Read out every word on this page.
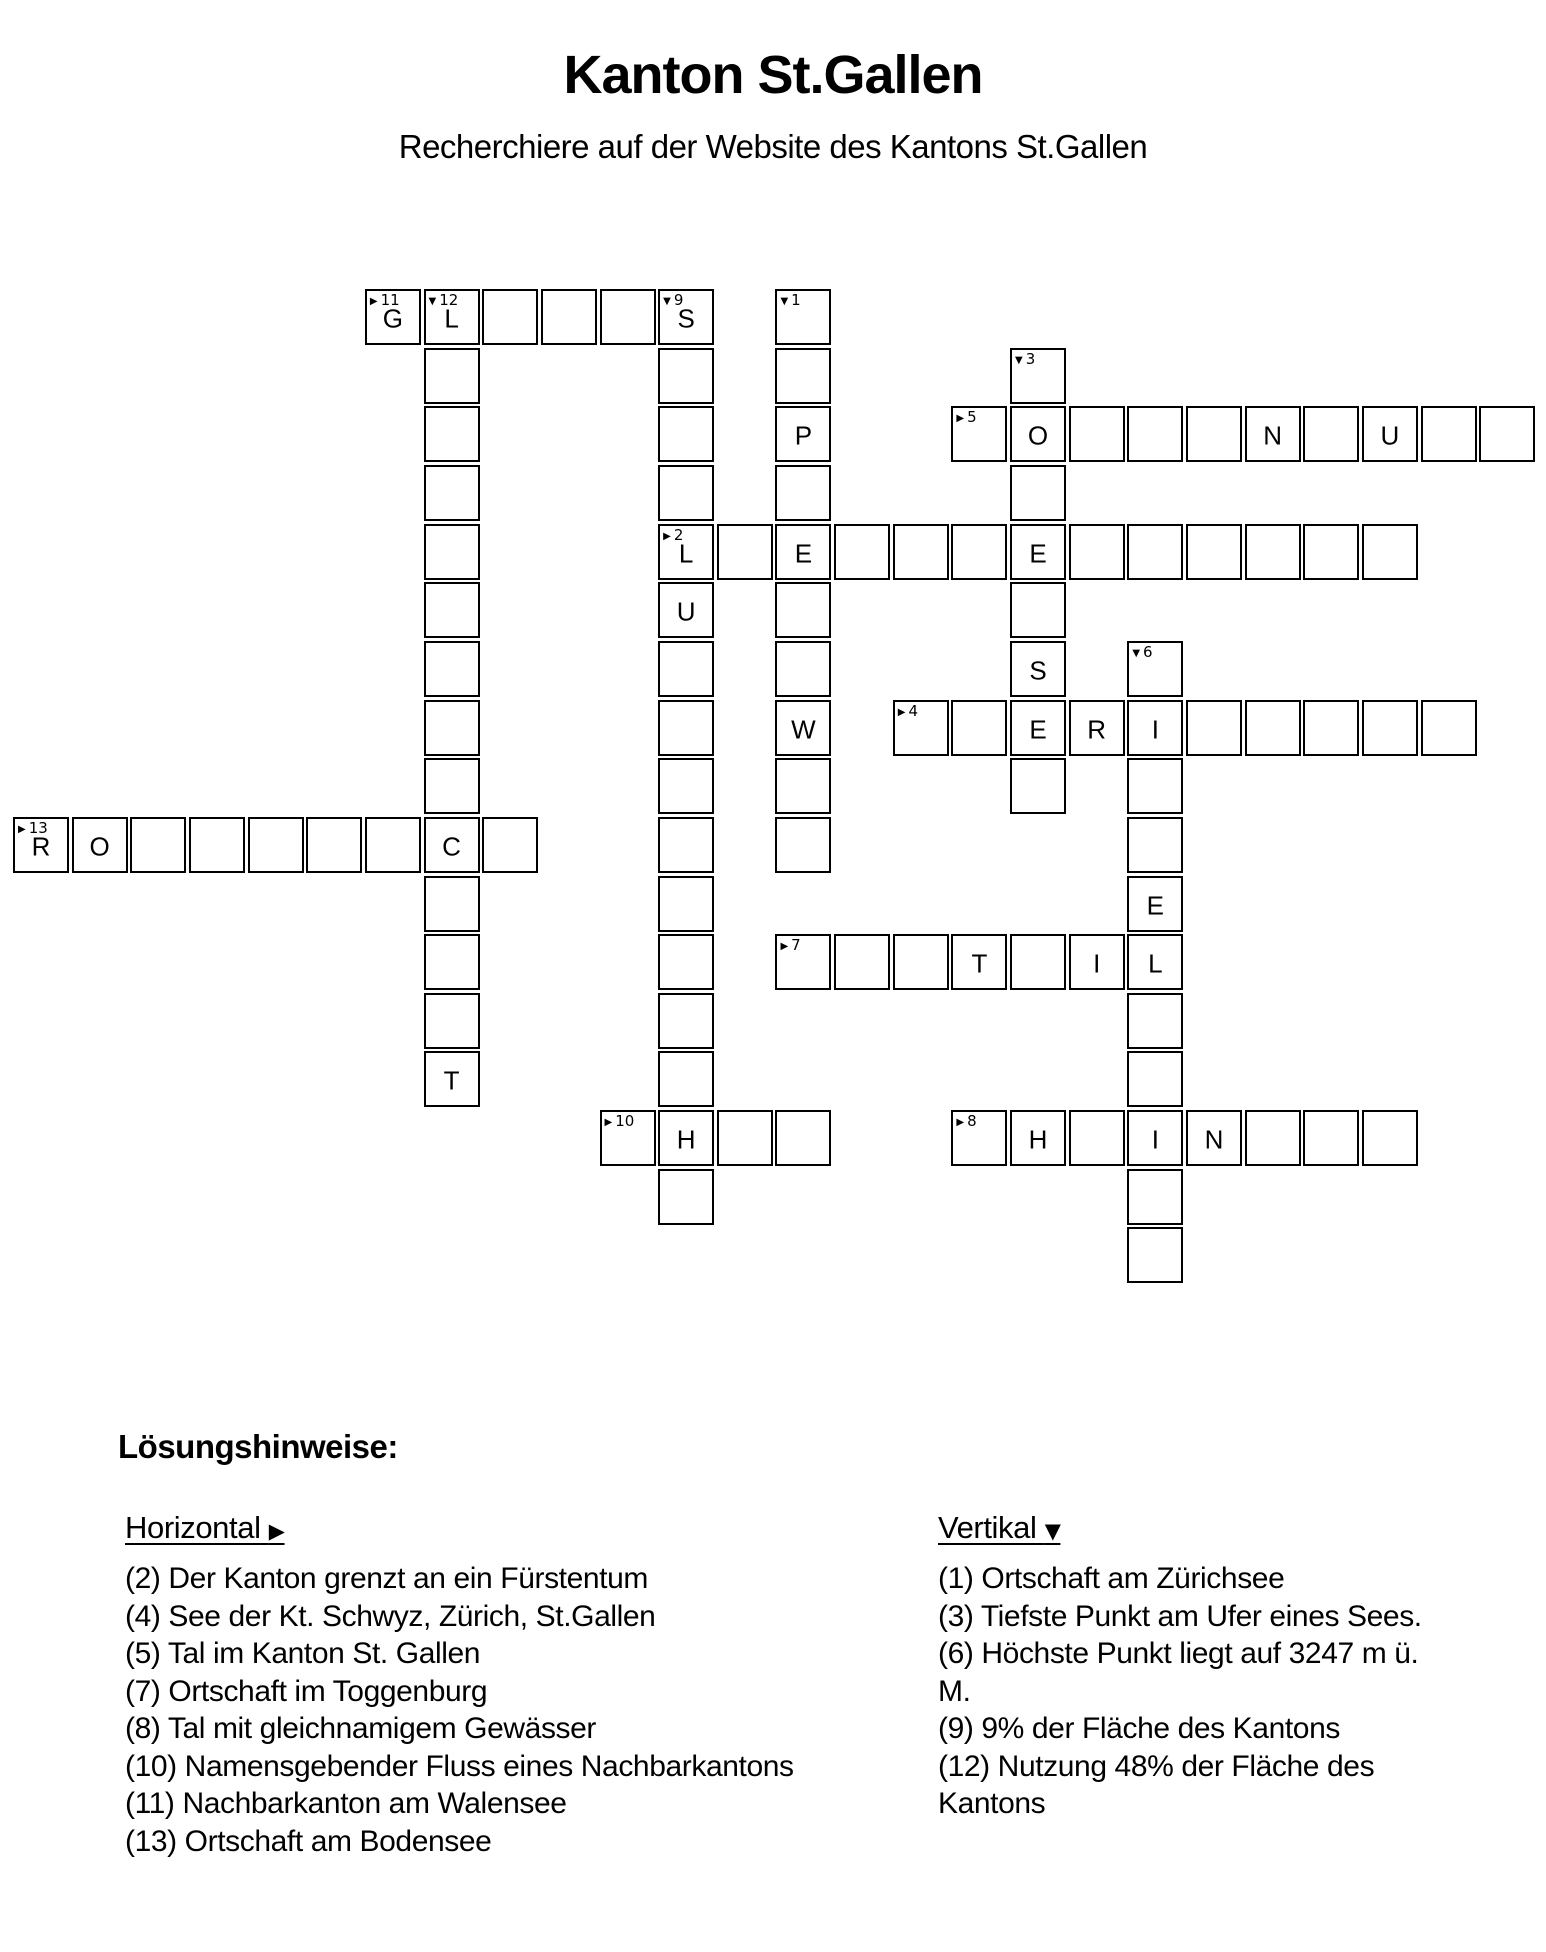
Kanton St.Gallen
Recherchiere auf der Website des Kantons St.Gallen
▶ 11
G
▼ 12
L
▼ 9
S
▼ 1
▼ 3
P
▶ 5
O	N	U
▶ 2
L	E	E
U
S
▼ 6
W
▶ 4
E	R	I
▶ 13
R	O	C
E
▶ 7
T	I	L
T
▶ 10
H
▶ 8
H	I	N
Lösungshinweise:
Horizontal ▶
(2) Der Kanton grenzt an ein Fürstentum
(4) See der Kt. Schwyz, Zürich, St.Gallen
(5) Tal im Kanton St. Gallen
(7) Ortschaft im Toggenburg
(8) Tal mit gleichnamigem Gewässer
(10) Namensgebender Fluss eines Nachbarkantons
(11) Nachbarkanton am Walensee
(13) Ortschaft am Bodensee
Vertikal ▼
(1) Ortschaft am Zürichsee
(3) Tiefste Punkt am Ufer eines Sees.
(6) Höchste Punkt liegt auf 3247 m ü. M.
(9) 9% der Fläche des Kantons
(12) Nutzung 48% der Fläche des Kantons
